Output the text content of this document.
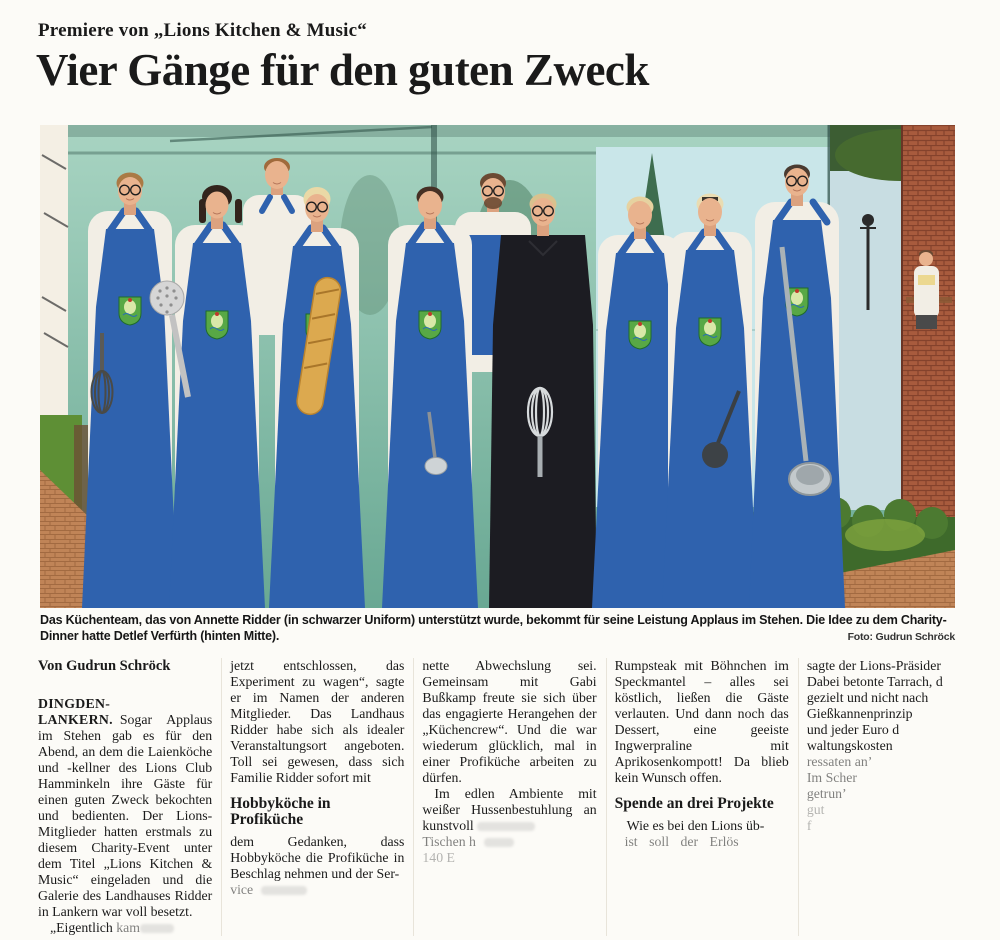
Premiere von „Lions Kitchen & Music“
Vier Gänge für den guten Zweck
Das Küchenteam, das von Annette Ridder (in schwarzer Uniform) unterstützt wurde, bekommt für seine Leistung Applaus im Stehen. Die Idee zu dem Charity-Dinner hatte Detlef Verfürth (hinten Mitte).	Foto: Gudrun Schröck

Von Gudrun Schröck

DINGDEN-LANKERN. Sogar Applaus im Stehen gab es für den Abend, an dem die Laienköche und -kellner des Lions Club Hamminkeln ihre Gäste für einen guten Zweck bekochten und bedienten. Der Lions-Mitglieder hatten erstmals zu diesem Charity-Event unter dem Titel „Lions Kitchen & Music“ eingeladen und die Galerie des Landhauses Ridder in Lankern war voll besetzt.

„Eigentlich kam

jetzt entschlossen, das Experiment zu wagen“, sagte er im Namen der anderen Mitglieder. Das Landhaus Ridder habe sich als idealer Veranstaltungsort angeboten. Toll sei gewesen, dass sich Familie Ridder sofort mit

Hobbyköche in Profiküche

dem Gedanken, dass Hobbyköche die Profiküche in Beschlag nehmen und der Ser-
vice

nette Abwechslung sei. Gemeinsam mit Gabi Bußkamp freute sie sich über das engagierte Herangehen der „Küchencrew“. Und die war wiederum glücklich, mal in einer Profiküche arbeiten zu dürfen.

Im edlen Ambiente mit weißer Hussenbestuhlung an kunstvoll
Tischen h
140 E

Rumpsteak mit Böhnchen im Speckmantel – alles sei köstlich, ließen die Gäste verlauten. Und dann noch das Dessert, eine geeiste Ingwerpraline mit Aprikosenkompott! Da blieb kein Wunsch offen.

Spende an drei Projekte

Wie es bei den Lions üb-
ist soll der Erlös

sagte der Lions-Präsider

Dabei betonte Tarrach, d

gezielt und nicht nach

Gießkannenprinzip

und jeder Euro d

waltungskosten

ressaten an’

Im Scher

getrun’

gut

f
